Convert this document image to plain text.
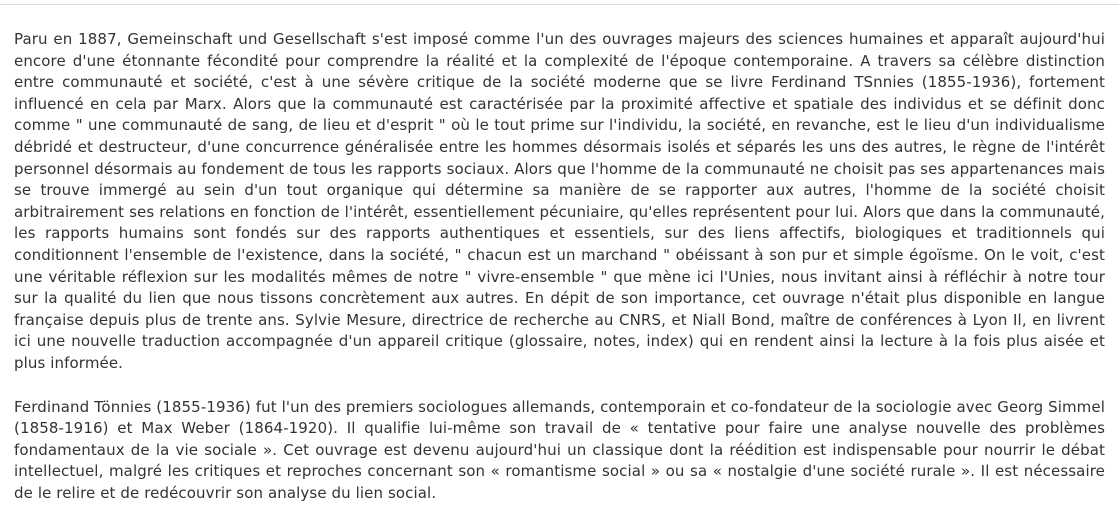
Paru en 1887, Gemeinschaft und Gesellschaft s'est imposé comme l'un des ouvrages majeurs des sciences humaines et apparaît aujourd'hui encore d'une étonnante fécondité pour comprendre la réalité et la complexité de l'époque contemporaine. A travers sa célèbre distinction entre communauté et société, c'est à une sévère critique de la société moderne que se livre Ferdinand TSnnies (1855-1936), fortement influencé en cela par Marx. Alors que la communauté est caractérisée par la proximité affective et spatiale des individus et se définit donc comme " une communauté de sang, de lieu et d'esprit " où le tout prime sur l'individu, la société, en revanche, est le lieu d'un individualisme débridé et destructeur, d'une concurrence généralisée entre les hommes désormais isolés et séparés les uns des autres, le règne de l'intérêt personnel désormais au fondement de tous les rapports sociaux. Alors que l'homme de la communauté ne choisit pas ses appartenances mais se trouve immergé au sein d'un tout organique qui détermine sa manière de se rapporter aux autres, l'homme de la société choisit arbitrairement ses relations en fonction de l'intérêt, essentiellement pécuniaire, qu'elles représentent pour lui. Alors que dans la communauté, les rapports humains sont fondés sur des rapports authentiques et essentiels, sur des liens affectifs, biologiques et traditionnels qui conditionnent l'ensemble de l'existence, dans la société, " chacun est un marchand " obéissant à son pur et simple égoïsme. On le voit, c'est une véritable réflexion sur les modalités mêmes de notre " vivre-ensemble " que mène ici l'Unies, nous invitant ainsi à réfléchir à notre tour sur la qualité du lien que nous tissons concrètement aux autres. En dépit de son importance, cet ouvrage n'était plus disponible en langue française depuis plus de trente ans. Sylvie Mesure, directrice de recherche au CNRS, et Niall Bond, maître de conférences à Lyon Il, en livrent ici une nouvelle traduction accompagnée d'un appareil critique (glossaire, notes, index) qui en rendent ainsi la lecture à la fois plus aisée et plus informée.

Ferdinand Tönnies (1855-1936) fut l'un des premiers sociologues allemands, contemporain et co-fondateur de la sociologie avec Georg Simmel (1858-1916) et Max Weber (1864-1920). Il qualifie lui-même son travail de « tentative pour faire une analyse nouvelle des problèmes fondamentaux de la vie sociale ». Cet ouvrage est devenu aujourd'hui un classique dont la réédition est indispensable pour nourrir le débat intellectuel, malgré les critiques et reproches concernant son « romantisme social » ou sa « nostalgie d'une société rurale ». Il est nécessaire de le relire et de redécouvrir son analyse du lien social.
